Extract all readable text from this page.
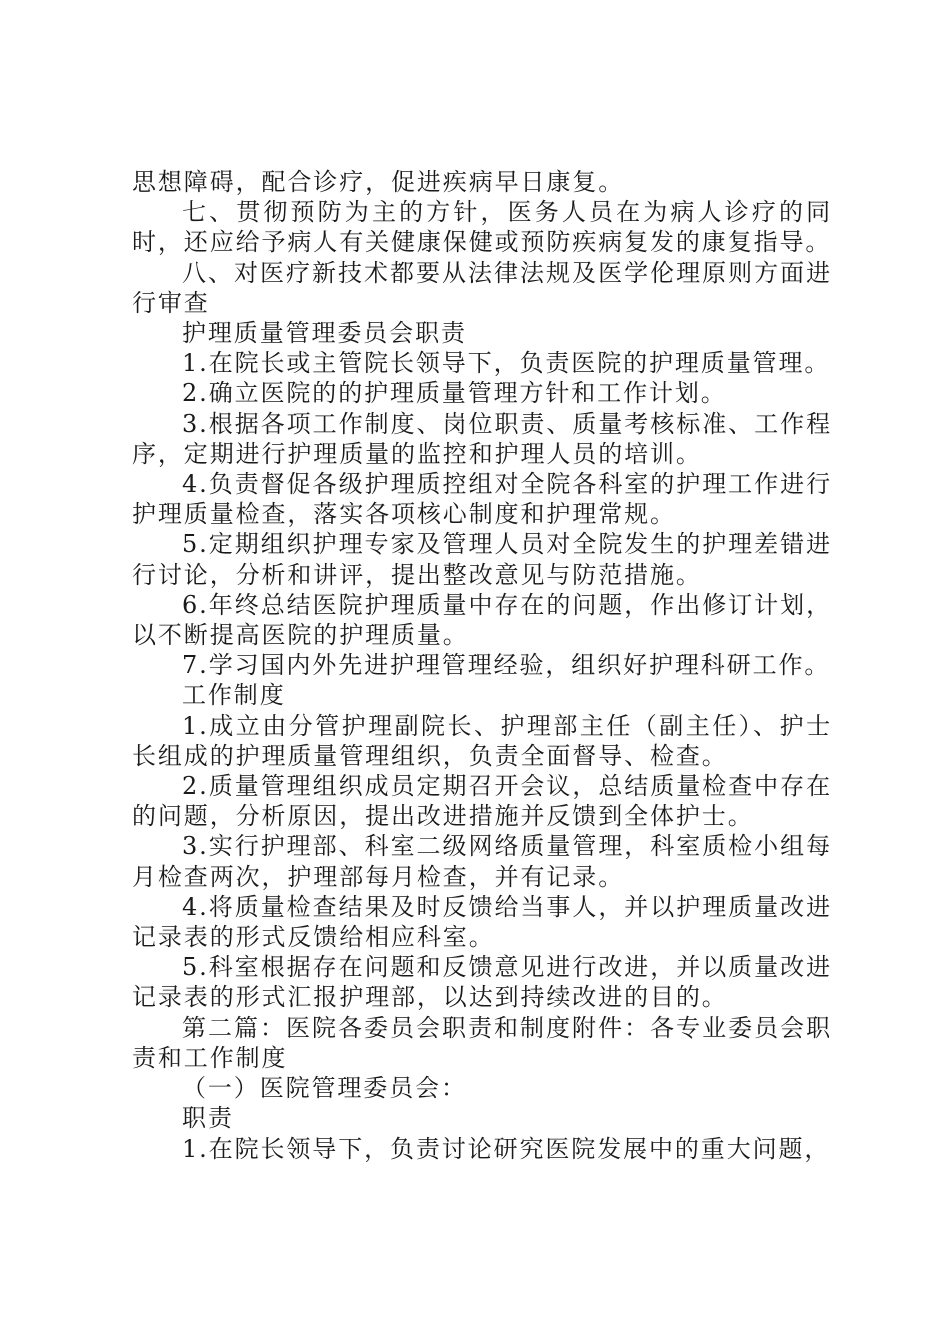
思想障碍，配合诊疗，促进疾病早日康复。

七、贯彻预防为主的方针，医务人员在为病人诊疗的同时，还应给予病人有关健康保健或预防疾病复发的康复指导。

八、对医疗新技术都要从法律法规及医学伦理原则方面进行审查

护理质量管理委员会职责

1.在院长或主管院长领导下，负责医院的护理质量管理。

2.确立医院的的护理质量管理方针和工作计划。

3.根据各项工作制度、岗位职责、质量考核标准、工作程序，定期进行护理质量的监控和护理人员的培训。

4.负责督促各级护理质控组对全院各科室的护理工作进行护理质量检查，落实各项核心制度和护理常规。

5.定期组织护理专家及管理人员对全院发生的护理差错进行讨论，分析和讲评，提出整改意见与防范措施。

6.年终总结医院护理质量中存在的问题，作出修订计划，以不断提高医院的护理质量。

7.学习国内外先进护理管理经验，组织好护理科研工作。

工作制度

1.成立由分管护理副院长、护理部主任（副主任）、护士长组成的护理质量管理组织，负责全面督导、检查。

2.质量管理组织成员定期召开会议，总结质量检查中存在的问题，分析原因，提出改进措施并反馈到全体护士。

3.实行护理部、科室二级网络质量管理，科室质检小组每月检查两次，护理部每月检查，并有记录。

4.将质量检查结果及时反馈给当事人，并以护理质量改进记录表的形式反馈给相应科室。

5.科室根据存在问题和反馈意见进行改进，并以质量改进记录表的形式汇报护理部，以达到持续改进的目的。

第二篇：医院各委员会职责和制度附件：各专业委员会职责和工作制度

（一）医院管理委员会：

职责

1.在院长领导下，负责讨论研究医院发展中的重大问题，
